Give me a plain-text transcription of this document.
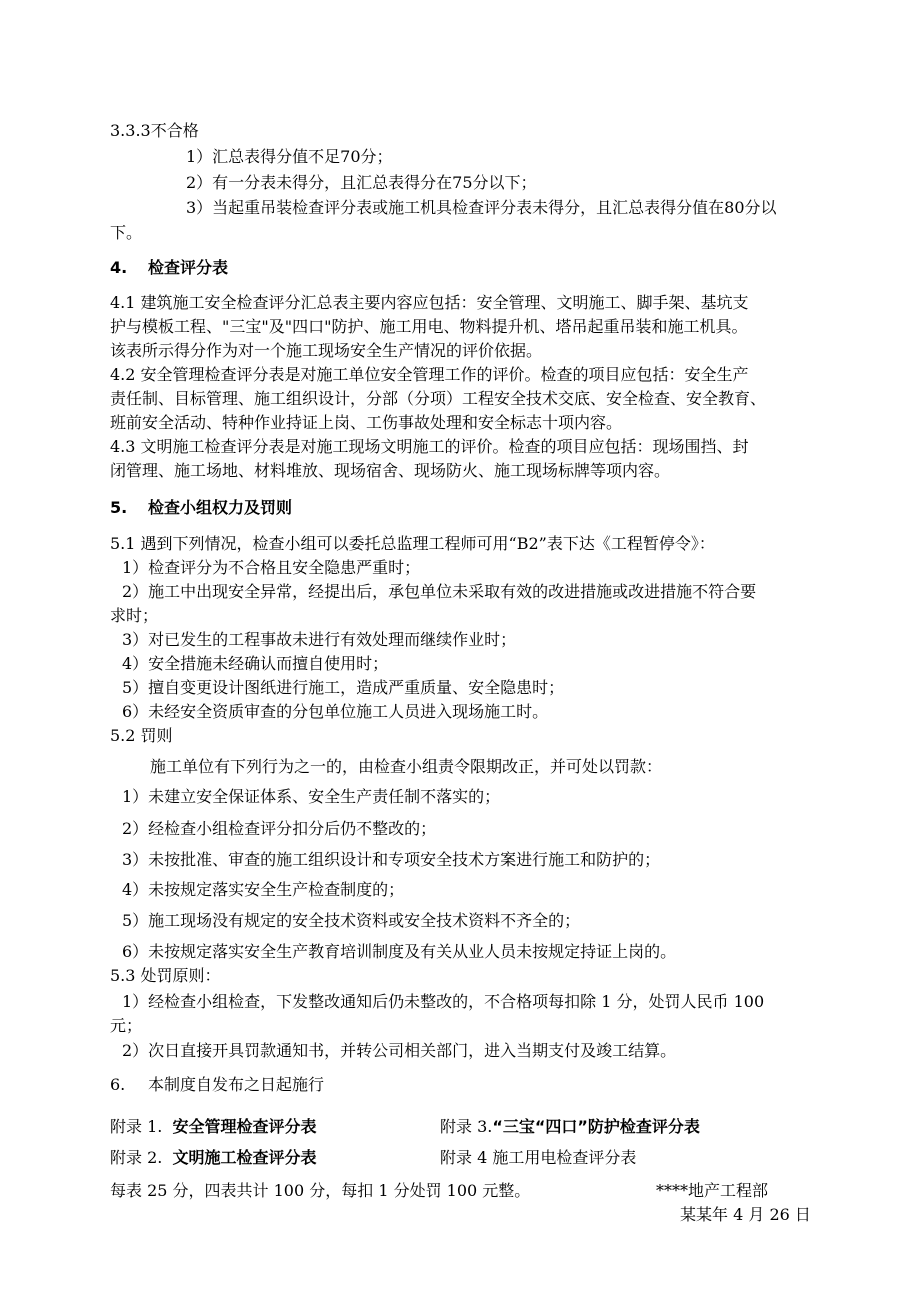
3.3.3不合格
1）汇总表得分值不足70分；
2）有一分表未得分，且汇总表得分在75分以下；
3）当起重吊装检查评分表或施工机具检查评分表未得分，且汇总表得分值在80分以
下。
4. 检查评分表
4.1 建筑施工安全检查评分汇总表主要内容应包括：安全管理、文明施工、脚手架、基坑支
护与模板工程、"三宝"及"四口"防护、施工用电、物料提升机、塔吊起重吊装和施工机具。
该表所示得分作为对一个施工现场安全生产情况的评价依据。
4.2 安全管理检查评分表是对施工单位安全管理工作的评价。检查的项目应包括：安全生产
责任制、目标管理、施工组织设计，分部（分项）工程安全技术交底、安全检查、安全教育、
班前安全活动、特种作业持证上岗、工伤事故处理和安全标志十项内容。
4.3 文明施工检查评分表是对施工现场文明施工的评价。检查的项目应包括：现场围挡、封
闭管理、施工场地、材料堆放、现场宿舍、现场防火、施工现场标牌等项内容。
5. 检查小组权力及罚则
5.1 遇到下列情况，检查小组可以委托总监理工程师可用“B2”表下达《工程暂停令》：
1）检查评分为不合格且安全隐患严重时；
2）施工中出现安全异常，经提出后，承包单位未采取有效的改进措施或改进措施不符合要
求时；
3）对已发生的工程事故未进行有效处理而继续作业时；
4）安全措施未经确认而擅自使用时；
5）擅自变更设计图纸进行施工，造成严重质量、安全隐患时；
6）未经安全资质审查的分包单位施工人员进入现场施工时。
5.2 罚则
施工单位有下列行为之一的，由检查小组责令限期改正，并可处以罚款：
1）未建立安全保证体系、安全生产责任制不落实的；
2）经检查小组检查评分扣分后仍不整改的；
3）未按批准、审查的施工组织设计和专项安全技术方案进行施工和防护的；
4）未按规定落实安全生产检查制度的；
5）施工现场没有规定的安全技术资料或安全技术资料不齐全的；
6）未按规定落实安全生产教育培训制度及有关从业人员未按规定持证上岗的。
5.3 处罚原则：
1）经检查小组检查，下发整改通知后仍未整改的，不合格项每扣除 1 分，处罚人民币 100
元；
2）次日直接开具罚款通知书，并转公司相关部门，进入当期支付及竣工结算。
6. 本制度自发布之日起施行
附录 1. 安全管理检查评分表	附录 3.“三宝“四口”防护检查评分表
附录 2. 文明施工检查评分表	附录 4 施工用电检查评分表
每表 25 分，四表共计 100 分，每扣 1 分处罚 100 元整。	****地产工程部
某某年 4 月 26 日
